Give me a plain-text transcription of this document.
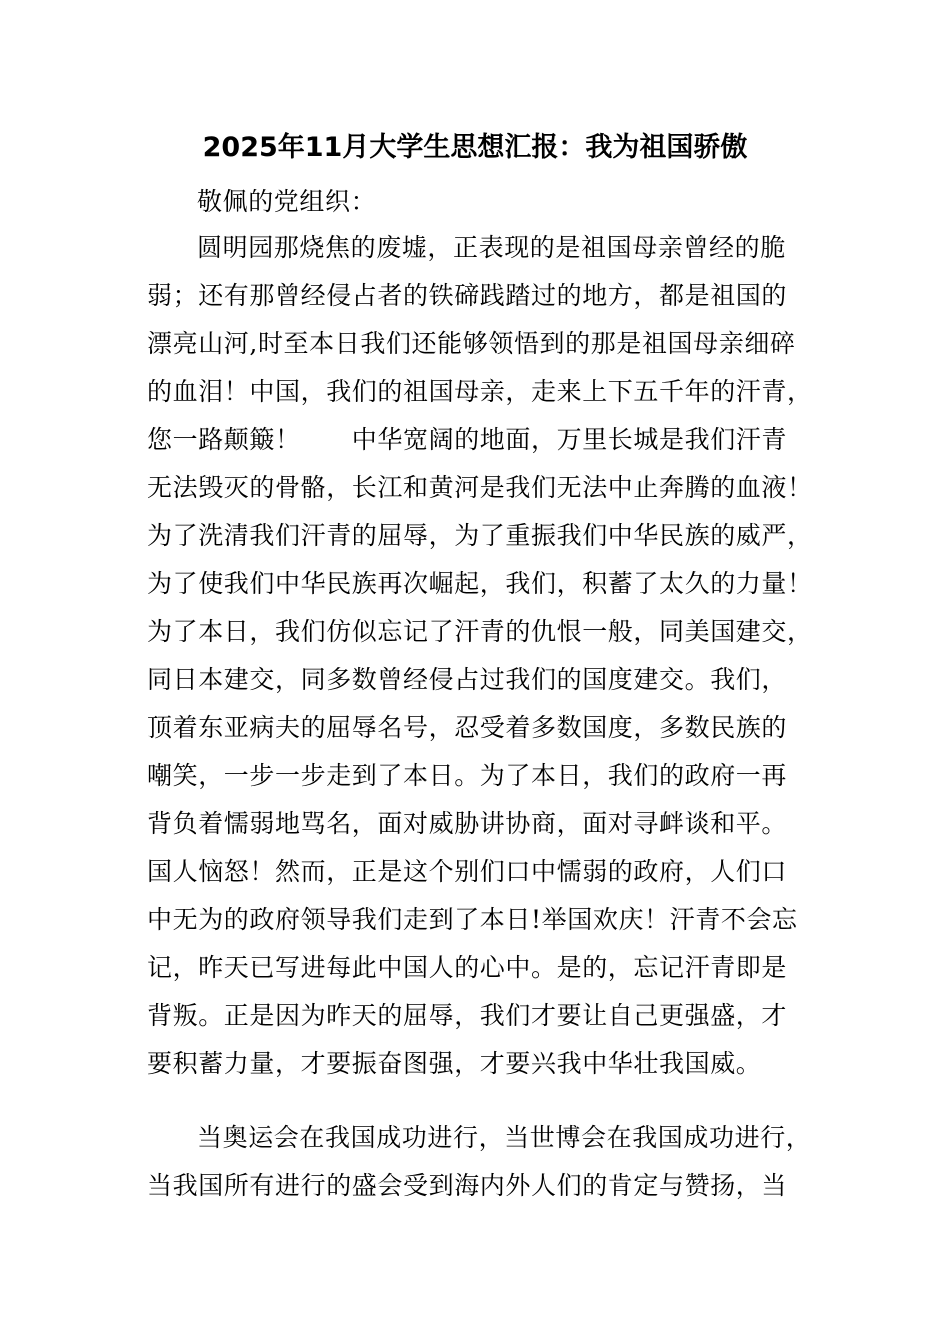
2025年11月大学生思想汇报：我为祖国骄傲
敬佩的党组织：
圆明园那烧焦的废墟，正表现的是祖国母亲曾经的脆
弱；还有那曾经侵占者的铁碲践踏过的地方，都是祖国的
漂亮山河,时至本日我们还能够领悟到的那是祖国母亲细碎
的血泪！中国，我们的祖国母亲，走来上下五千年的汗青，
您一路颠簸！　　中华宽阔的地面，万里长城是我们汗青
无法毁灭的骨骼，长江和黄河是我们无法中止奔腾的血液！
为了洗清我们汗青的屈辱，为了重振我们中华民族的威严，
为了使我们中华民族再次崛起，我们，积蓄了太久的力量！
为了本日，我们仿似忘记了汗青的仇恨一般，同美国建交，
同日本建交，同多数曾经侵占过我们的国度建交。我们，
顶着东亚病夫的屈辱名号，忍受着多数国度，多数民族的
嘲笑，一步一步走到了本日。为了本日，我们的政府一再
背负着懦弱地骂名，面对威胁讲协商，面对寻衅谈和平。
国人恼怒！然而，正是这个别们口中懦弱的政府，人们口
中无为的政府领导我们走到了本日!举国欢庆！汗青不会忘
记，昨天已写进每此中国人的心中。是的，忘记汗青即是
背叛。正是因为昨天的屈辱，我们才要让自己更强盛，才
要积蓄力量，才要振奋图强，才要兴我中华壮我国威。
当奥运会在我国成功进行，当世博会在我国成功进行，
当我国所有进行的盛会受到海内外人们的肯定与赞扬，当
